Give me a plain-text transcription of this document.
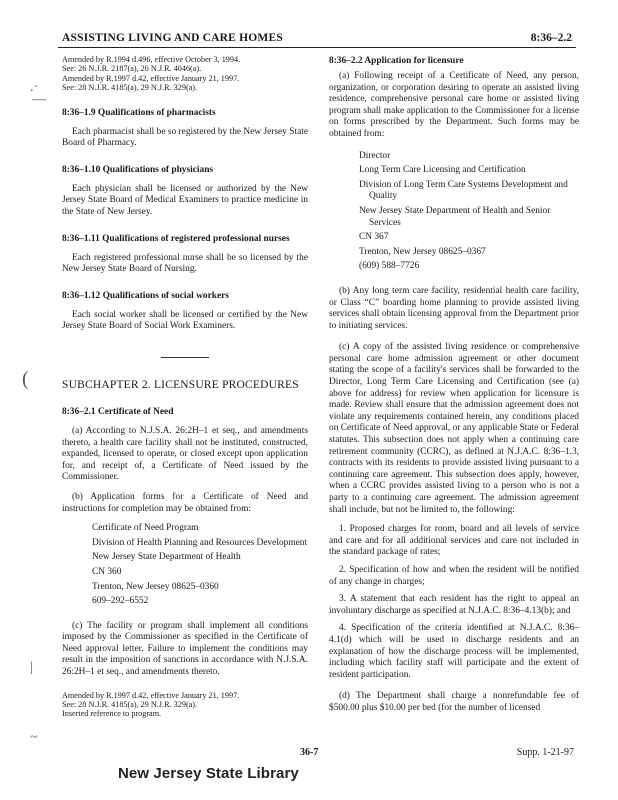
ASSISTING LIVING AND CARE HOMES	8:36–2.2
.·
—
(
|
~
Amended by R.1994 d.496, effective October 3, 1994.
See: 26 N.J.R. 2187(a), 26 N.J.R. 4046(a).
Amended by R.1997 d.42, effective January 21, 1997.
See: 28 N.J.R. 4185(a), 29 N.J.R. 329(a).
8:36–1.9 Qualifications of pharmacists

Each pharmacist shall be so registered by the New Jersey State Board of Pharmacy.

8:36–1.10 Qualifications of physicians

Each physician shall be licensed or authorized by the New Jersey State Board of Medical Examiners to practice medicine in the State of New Jersey.

8:36–1.11 Qualifications of registered professional nurses

Each registered professional nurse shall be so licensed by the New Jersey State Board of Nursing.

8:36–1.12 Qualifications of social workers

Each social worker shall be licensed or certified by the New Jersey State Board of Social Work Examiners.

SUBCHAPTER 2. LICENSURE PROCEDURES
8:36–2.1 Certificate of Need

(a) According to N.J.S.A. 26:2H–1 et seq., and amendments thereto, a health care facility shall not be instituted, constructed, expanded, licensed to operate, or closed except upon application for, and receipt of, a Certificate of Need issued by the Commissioner.

(b) Application forms for a Certificate of Need and instructions for completion may be obtained from:

Certificate of Need Program
Division of Health Planning and Resources Development
New Jersey State Department of Health
CN 360
Trenton, New Jersey 08625–0360
609–292–6552

(c) The facility or program shall implement all conditions imposed by the Commissioner as specified in the Certificate of Need approval letter. Failure to implement the conditions may result in the imposition of sanctions in accordance with N.J.S.A. 26:2H–1 et seq., and amendments thereto.

Amended by R.1997 d.42, effective January 21, 1997.
See: 28 N.J.R. 4185(a), 29 N.J.R. 329(a).
Inserted reference to program.
8:36–2.2 Application for licensure

(a) Following receipt of a Certificate of Need, any person, organization, or corporation desiring to operate an assisted living residence, comprehensive personal care home or assisted living program shall make application to the Commissioner for a license on forms prescribed by the Department. Such forms may be obtained from:

Director
Long Term Care Licensing and Certification
Division of Long Term Care Systems Development and Quality
New Jersey State Department of Health and Senior Services
CN 367
Trenton, New Jersey 08625–0367
(609) 588–7726

(b) Any long term care facility, residential health care facility, or Class “C” boarding home planning to provide assisted living services shall obtain licensing approval from the Department prior to initiating services.

(c) A copy of the assisted living residence or comprehensive personal care home admission agreement or other document stating the scope of a facility's services shall be forwarded to the Director, Long Term Care Licensing and Certification (see (a) above for address) for review when application for licensure is made. Review shall ensure that the admission agreement does not violate any requirements contained herein, any conditions placed on Certificate of Need approval, or any applicable State or Federal statutes. This subsection does not apply when a continuing care retirement community (CCRC), as defined at N.J.A.C. 8:36–1.3, contracts with its residents to provide assisted living pursuant to a continuing care agreement. This subsection does apply, however, when a CCRC provides assisted living to a person who is not a party to a continuing care agreement. The admission agreement shall include, but not be limited to, the following:

1. Proposed charges for room, board and all levels of service and care and for all additional services and care not included in the standard package of rates;

2. Specification of how and when the resident will be notified of any change in charges;

3. A statement that each resident has the right to appeal an involuntary discharge as specified at N.J.A.C. 8:36–4.13(b); and

4. Specification of the criteria identified at N.J.A.C. 8:36–4.1(d) which will be used to discharge residents and an explanation of how the discharge process will be implemented, including which facility staff will participate and the extent of resident participation.

(d) The Department shall charge a nonrefundable fee of $500.00 plus $10.00 per bed (for the number of licensed

36-7	Supp. 1-21-97
New Jersey State Library
